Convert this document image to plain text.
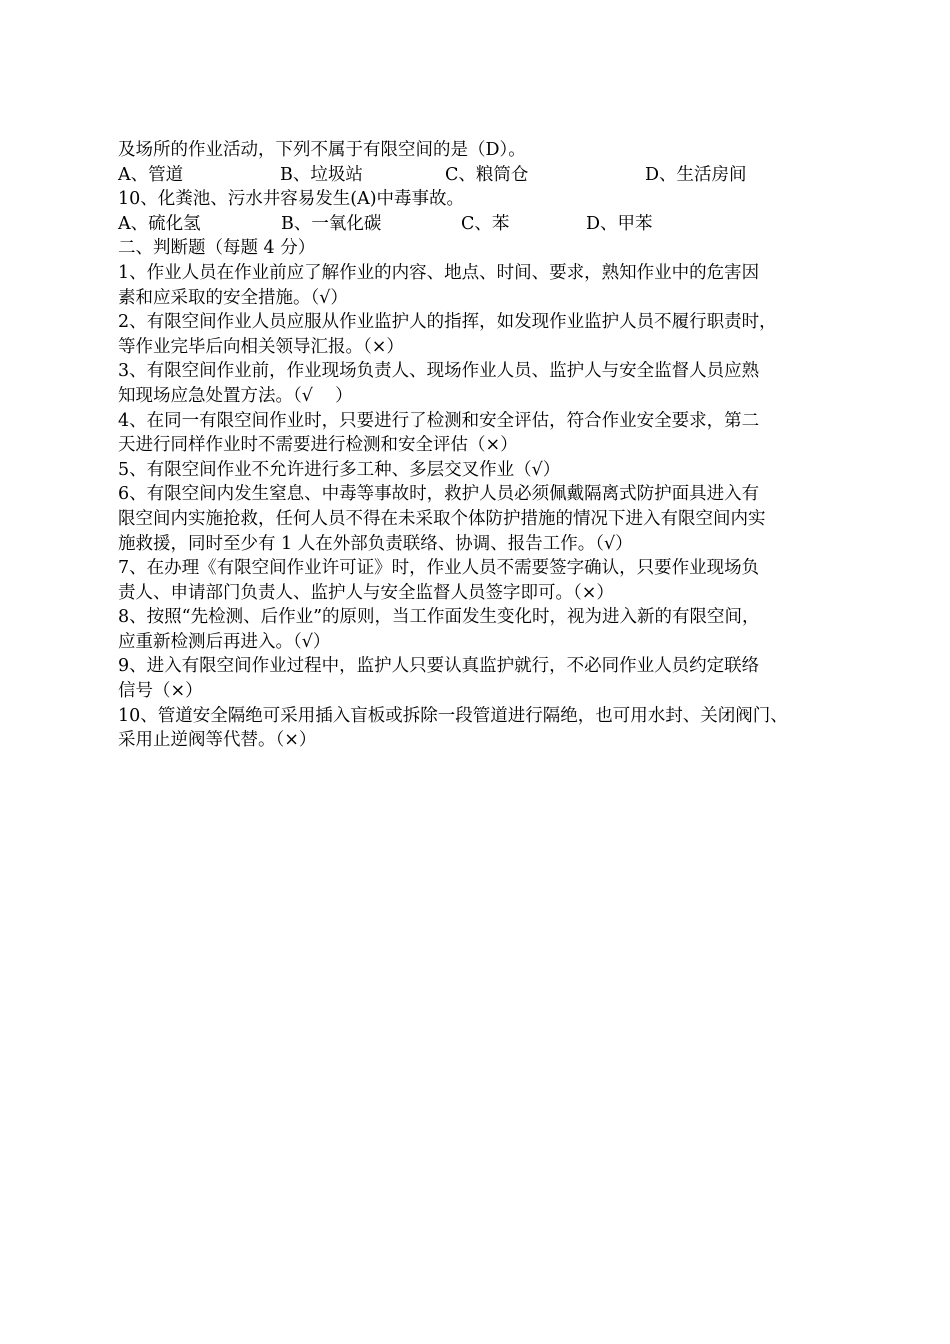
及场所的作业活动，下列不属于有限空间的是（D）。
A、管道	B、垃圾站	C、粮筒仓	D、生活房间
10、化粪池、污水井容易发生(A)中毒事故。
A、硫化氢	B、一氧化碳	C、苯	D、甲苯
二、判断题（每题 4 分）
1、作业人员在作业前应了解作业的内容、地点、时间、要求，熟知作业中的危害因
素和应采取的安全措施。（√）
2、有限空间作业人员应服从作业监护人的指挥，如发现作业监护人员不履行职责时，
等作业完毕后向相关领导汇报。（×）
3、有限空间作业前，作业现场负责人、现场作业人员、监护人与安全监督人员应熟
知现场应急处置方法。（√    ）
4、在同一有限空间作业时，只要进行了检测和安全评估，符合作业安全要求，第二
天进行同样作业时不需要进行检测和安全评估（×）
5、有限空间作业不允许进行多工种、多层交叉作业（√）
6、有限空间内发生窒息、中毒等事故时，救护人员必须佩戴隔离式防护面具进入有
限空间内实施抢救，任何人员不得在未采取个体防护措施的情况下进入有限空间内实
施救援，同时至少有 1 人在外部负责联络、协调、报告工作。（√）
7、在办理《有限空间作业许可证》时，作业人员不需要签字确认，只要作业现场负
责人、申请部门负责人、监护人与安全监督人员签字即可。（×）
8、按照“先检测、后作业”的原则，当工作面发生变化时，视为进入新的有限空间，
应重新检测后再进入。（√）
9、进入有限空间作业过程中，监护人只要认真监护就行，不必同作业人员约定联络
信号（×）
10、管道安全隔绝可采用插入盲板或拆除一段管道进行隔绝，也可用水封、关闭阀门、
采用止逆阀等代替。（×）
